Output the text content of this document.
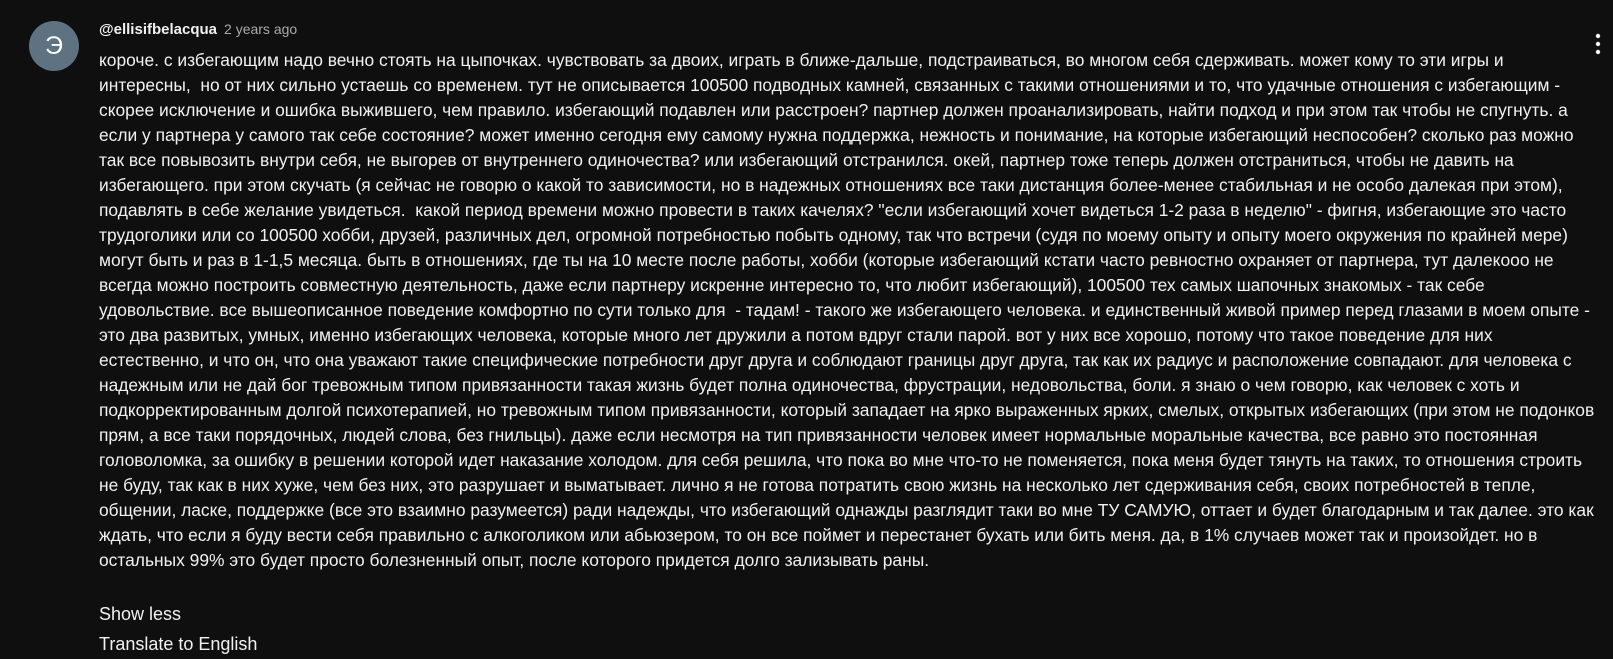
Э
@ellisifbelacqua 2 years ago

короче. с избегающим надо вечно стоять на цыпочках. чувствовать за двоих, играть в ближе-дальше, подстраиваться, во многом себя сдерживать. может кому то эти игры и интересны,  но от них сильно устаешь со временем. тут не описывается 100500 подводных камней, связанных с такими отношениями и то, что удачные отношения с избегающим - скорее исключение и ошибка выжившего, чем правило. избегающий подавлен или расстроен? партнер должен проанализировать, найти подход и при этом так чтобы не спугнуть. а если у партнера у самого так себе состояние? может именно сегодня ему самому нужна поддержка, нежность и понимание, на которые избегающий неспособен? сколько раз можно так все повывозить внутри себя, не выгорев от внутреннего одиночества? или избегающий отстранился. окей, партнер тоже теперь должен отстраниться, чтобы не давить на избегающего. при этом скучать (я сейчас не говорю о какой то зависимости, но в надежных отношениях все таки дистанция более-менее стабильная и не особо далекая при этом), подавлять в себе желание увидеться.  какой период времени можно провести в таких качелях? "если избегающий хочет видеться 1-2 раза в неделю" - фигня, избегающие это часто трудоголики или со 100500 хобби, друзей, различных дел, огромной потребностью побыть одному, так что встречи (судя по моему опыту и опыту моего окружения по крайней мере) могут быть и раз в 1-1,5 месяца. быть в отношениях, где ты на 10 месте после работы, хобби (которые избегающий кстати часто ревностно охраняет от партнера, тут далекооо не всегда можно построить совместную деятельность, даже если партнеру искренне интересно то, что любит избегающий), 100500 тех самых шапочных знакомых - так себе удовольствие. все вышеописанное поведение комфортно по сути только для  - тадам! - такого же избегающего человека. и единственный живой пример перед глазами в моем опыте - это два развитых, умных, именно избегающих человека, которые много лет дружили а потом вдруг стали парой. вот у них все хорошо, потому что такое поведение для них естественно, и что он, что она уважают такие специфические потребности друг друга и соблюдают границы друг друга, так как их радиус и расположение совпадают. для человека с надежным или не дай бог тревожным типом привязанности такая жизнь будет полна одиночества, фрустрации, недовольства, боли. я знаю о чем говорю, как человек с хоть и подкорректированным долгой психотерапией, но тревожным типом привязанности, который западает на ярко выраженных ярких, смелых, открытых избегающих (при этом не подонков прям, а все таки порядочных, людей слова, без гнильцы). даже если несмотря на тип привязанности человек имеет нормальные моральные качества, все равно это постоянная головоломка, за ошибку в решении которой идет наказание холодом. для себя решила, что пока во мне что-то не поменяется, пока меня будет тянуть на таких, то отношения строить не буду, так как в них хуже, чем без них, это разрушает и выматывает. лично я не готова потратить свою жизнь на несколько лет сдерживания себя, своих потребностей в тепле, общении, ласке, поддержке (все это взаимно разумеется) ради надежды, что избегающий однажды разглядит таки во мне ТУ САМУЮ, оттает и будет благодарным и так далее. это как ждать, что если я буду вести себя правильно с алкоголиком или абьюзером, то он все поймет и перестанет бухать или бить меня. да, в 1% случаев может так и произойдет. но в остальных 99% это будет просто болезненный опыт, после которого придется долго зализывать раны.

Show less
Translate to English
